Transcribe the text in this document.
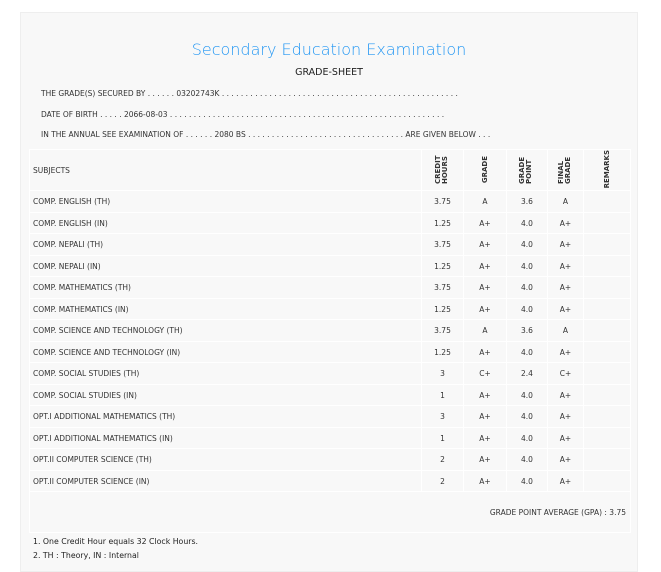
Secondary Education Examination
GRADE-SHEET
THE GRADE(S) SECURED BY . . . . . . 03202743K . . . . . . . . . . . . . . . . . . . . . . . . . . . . . . . . . . . . . . . . . . . . . . . . . .
DATE OF BIRTH . . . . . 2066-08-03 . . . . . . . . . . . . . . . . . . . . . . . . . . . . . . . . . . . . . . . . . . . . . . . . . . . . . . . . . .
IN THE ANNUAL SEE EXAMINATION OF . . . . . . 2080 BS . . . . . . . . . . . . . . . . . . . . . . . . . . . . . . . . . ARE GIVEN BELOW . . .
SUBJECTS	CREDIT HOURS	GRADE	GRADE POINT	FINAL GRADE	REMARKS
COMP. ENGLISH (TH)	3.75	A	3.6	A	
COMP. ENGLISH (IN)	1.25	A+	4.0	A+	
COMP. NEPALI (TH)	3.75	A+	4.0	A+	
COMP. NEPALI (IN)	1.25	A+	4.0	A+	
COMP. MATHEMATICS (TH)	3.75	A+	4.0	A+	
COMP. MATHEMATICS (IN)	1.25	A+	4.0	A+	
COMP. SCIENCE AND TECHNOLOGY (TH)	3.75	A	3.6	A	
COMP. SCIENCE AND TECHNOLOGY (IN)	1.25	A+	4.0	A+	
COMP. SOCIAL STUDIES (TH)	3	C+	2.4	C+	
COMP. SOCIAL STUDIES (IN)	1	A+	4.0	A+	
OPT.I ADDITIONAL MATHEMATICS (TH)	3	A+	4.0	A+	
OPT.I ADDITIONAL MATHEMATICS (IN)	1	A+	4.0	A+	
OPT.II COMPUTER SCIENCE (TH)	2	A+	4.0	A+	
OPT.II COMPUTER SCIENCE (IN)	2	A+	4.0	A+	
GRADE POINT AVERAGE (GPA) : 3.75					
1. One Credit Hour equals 32 Clock Hours.
2. TH : Theory, IN : Internal
